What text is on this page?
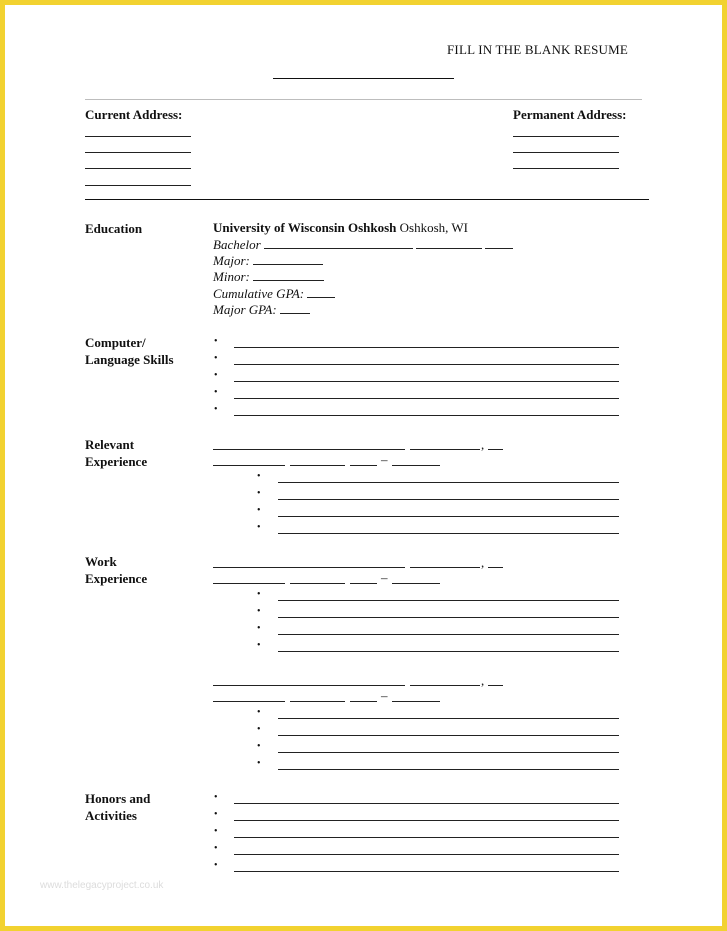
FILL IN THE BLANK RESUME
Current Address:	Permanent Address:
Education	University of Wisconsin Oshkosh Oshkosh, WI
Bachelor
Major:
Minor:
Cumulative GPA:
Major GPA:
Computer/
Language Skills
•
•
•
•
•
Relevant
Experience
,
–
•
•
•
•
Work
Experience
,
–
•
•
•
•
,
–
•
•
•
•
Honors and
Activities
•
•
•
•
•
www.thelegacyproject.co.uk
